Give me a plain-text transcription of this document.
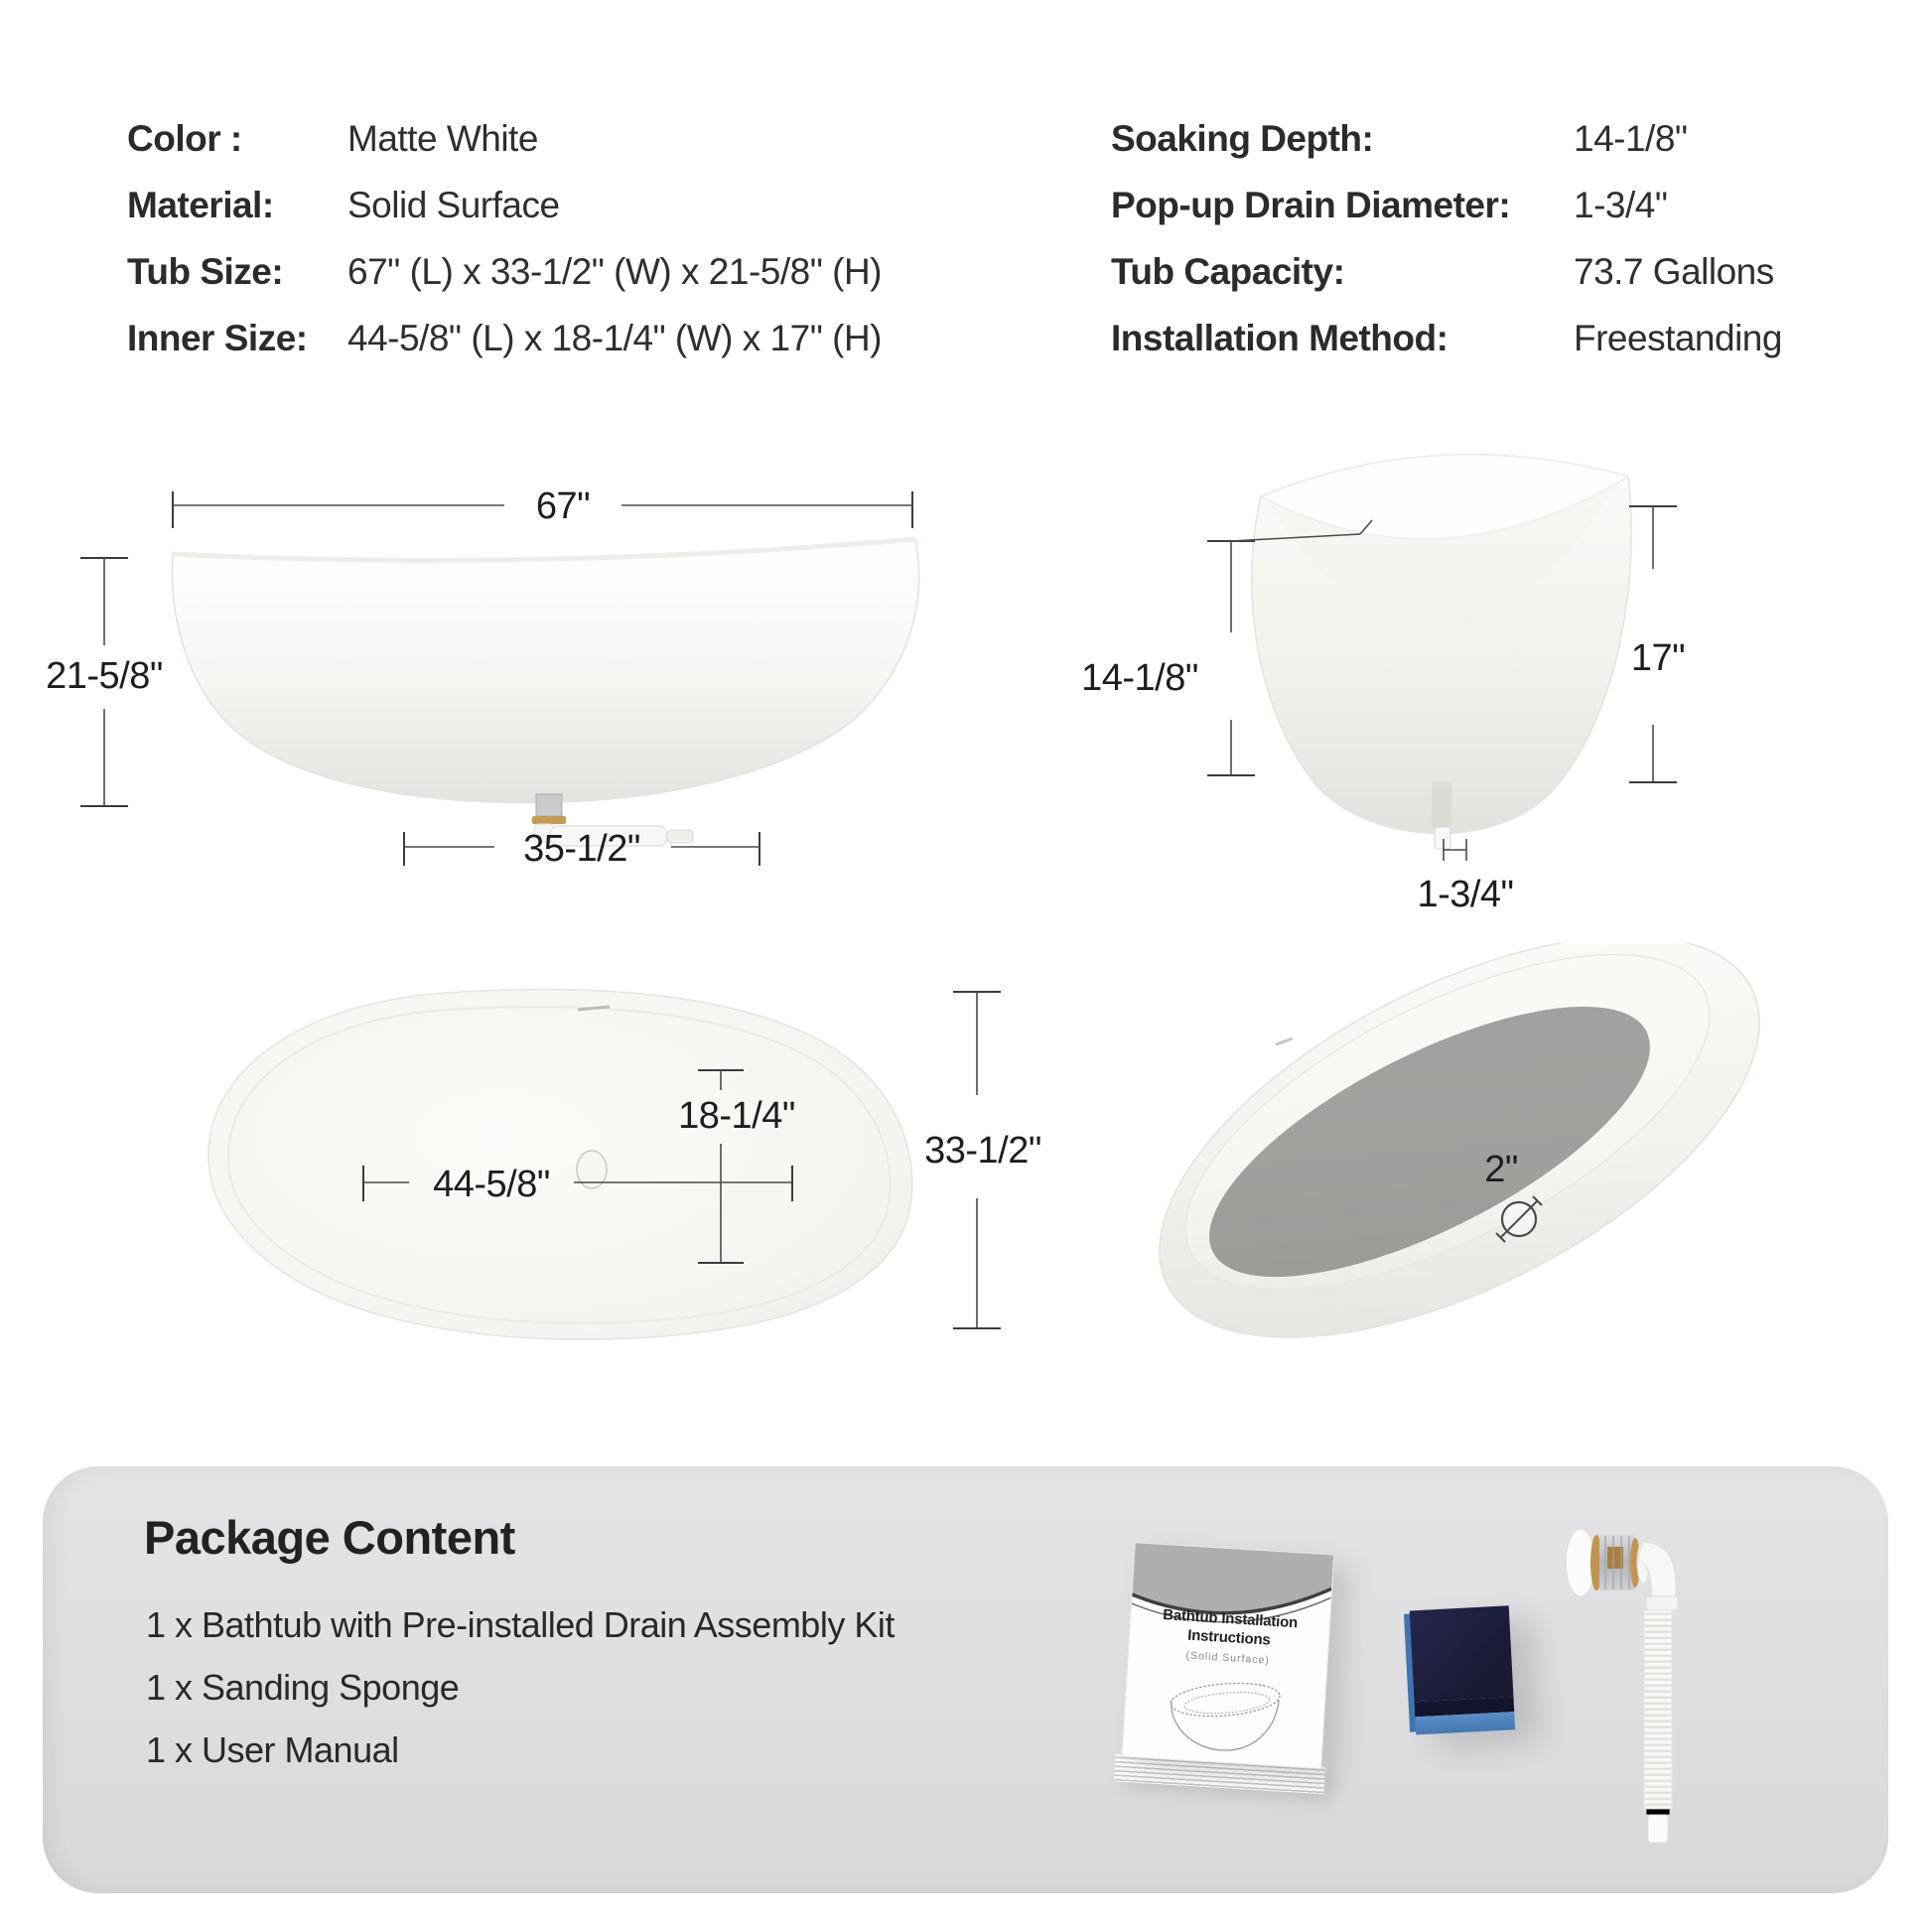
Color :	Matte White
Material:	Solid Surface
Tub Size:	67" (L) x 33-1/2" (W) x 21-5/8" (H)
Inner Size:	44-5/8" (L) x 18-1/4" (W) x 17" (H)
Soaking Depth:	14-1/8"
Pop-up Drain Diameter:	1-3/4"
Tub Capacity:	73.7 Gallons
Installation Method:	Freestanding
67"
21-5/8"
35-1/2"
14-1/8"	17"
1-3/4"
44-5/8"
18-1/4"
33-1/2"	2"
Package Content
1 x Bathtub with Pre-installed Drain Assembly Kit
1 x Sanding Sponge
1 x User Manual
Bathtub Installation Instructions
(Solid Surface)
